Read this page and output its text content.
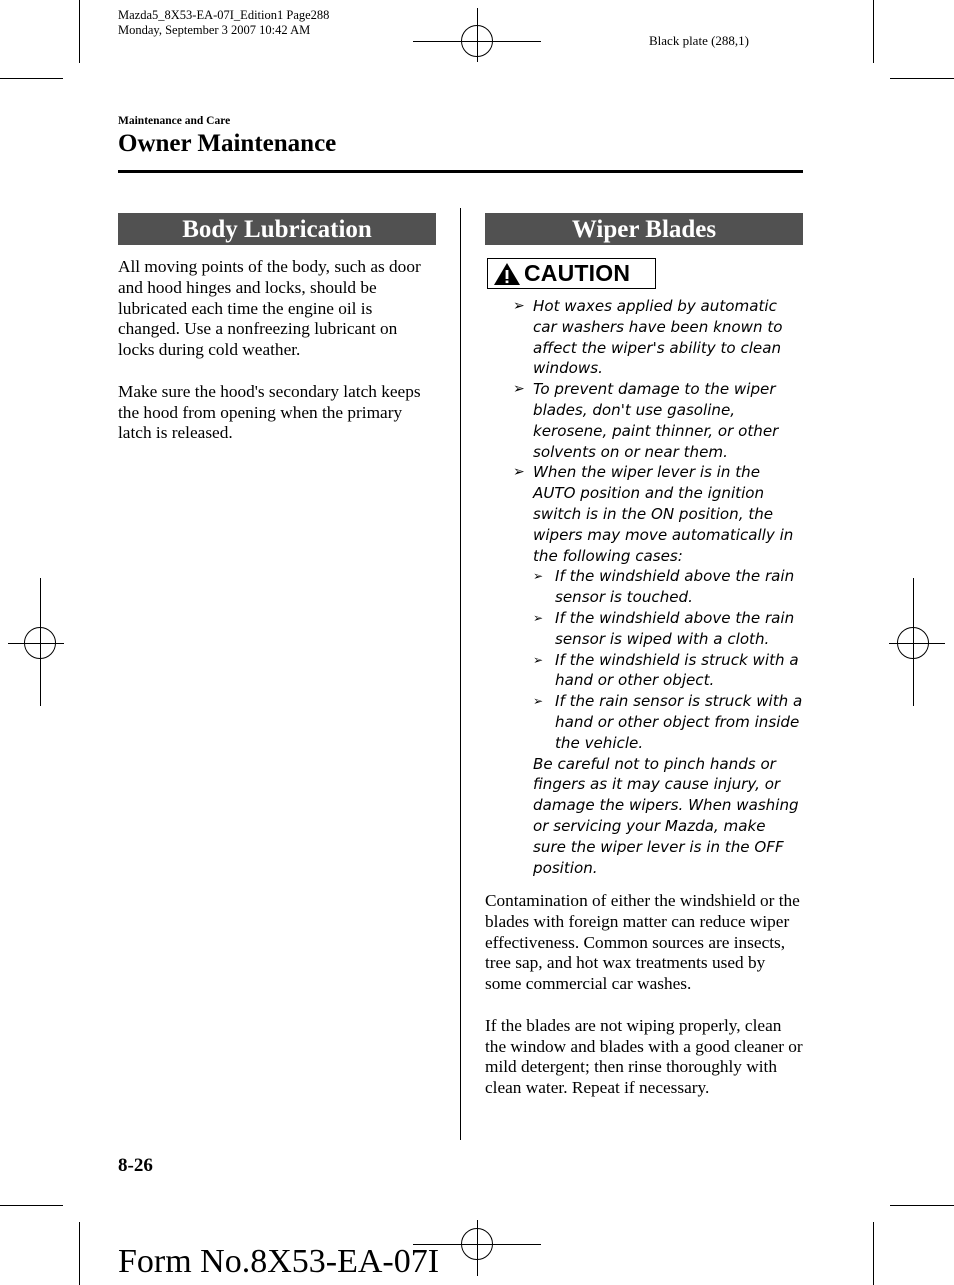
Mazda5_8X53-EA-07I_Edition1 Page288
Monday, September 3 2007 10:42 AM
Black plate (288,1)
Maintenance and Care
Owner Maintenance
Body Lubrication

All moving points of the body, such as door and hood hinges and locks, should be lubricated each time the engine oil is changed. Use a nonfreezing lubricant on locks during cold weather.

Make sure the hood's secondary latch keeps the hood from opening when the primary latch is released.

Wiper Blades
CAUTION
➢ Hot waxes applied by automatic car washers have been known to affect the wiper's ability to clean windows.
➢ To prevent damage to the wiper blades, don't use gasoline, kerosene, paint thinner, or other solvents on or near them.
➢ When the wiper lever is in the AUTO position and the ignition switch is in the ON position, the wipers may move automatically in the following cases:
➢ If the windshield above the rain sensor is touched.
➢ If the windshield above the rain sensor is wiped with a cloth.
➢ If the windshield is struck with a hand or other object.
➢ If the rain sensor is struck with a hand or other object from inside the vehicle.
Be careful not to pinch hands or fingers as it may cause injury, or damage the wipers. When washing or servicing your Mazda, make sure the wiper lever is in the OFF position.

Contamination of either the windshield or the blades with foreign matter can reduce wiper effectiveness. Common sources are insects, tree sap, and hot wax treatments used by some commercial car washes.

If the blades are not wiping properly, clean the window and blades with a good cleaner or mild detergent; then rinse thoroughly with clean water. Repeat if necessary.

8-26
Form No.8X53-EA-07I
